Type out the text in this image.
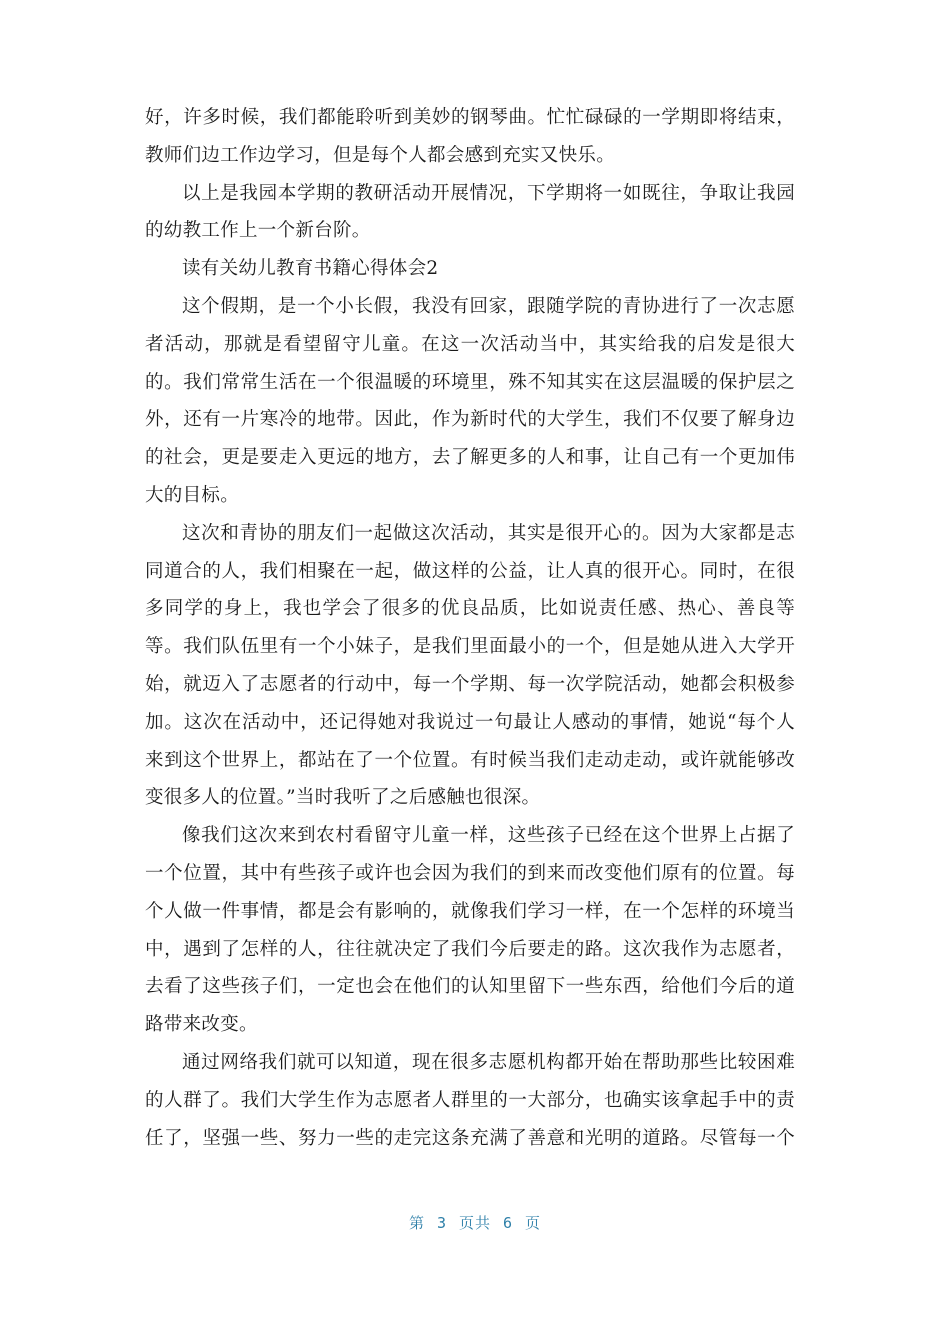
好，许多时候，我们都能聆听到美妙的钢琴曲。忙忙碌碌的一学期即将结束，
教师们边工作边学习，但是每个人都会感到充实又快乐。
以上是我园本学期的教研活动开展情况，下学期将一如既往，争取让我园
的幼教工作上一个新台阶。
读有关幼儿教育书籍心得体会2
这个假期，是一个小长假，我没有回家，跟随学院的青协进行了一次志愿
者活动，那就是看望留守儿童。在这一次活动当中，其实给我的启发是很大
的。我们常常生活在一个很温暖的环境里，殊不知其实在这层温暖的保护层之
外，还有一片寒冷的地带。因此，作为新时代的大学生，我们不仅要了解身边
的社会，更是要走入更远的地方，去了解更多的人和事，让自己有一个更加伟
大的目标。
这次和青协的朋友们一起做这次活动，其实是很开心的。因为大家都是志
同道合的人，我们相聚在一起，做这样的公益，让人真的很开心。同时，在很
多同学的身上，我也学会了很多的优良品质，比如说责任感、热心、善良等
等。我们队伍里有一个小妹子，是我们里面最小的一个，但是她从进入大学开
始，就迈入了志愿者的行动中，每一个学期、每一次学院活动，她都会积极参
加。这次在活动中，还记得她对我说过一句最让人感动的事情，她说“每个人
来到这个世界上，都站在了一个位置。有时候当我们走动走动，或许就能够改
变很多人的位置。”当时我听了之后感触也很深。
像我们这次来到农村看留守儿童一样，这些孩子已经在这个世界上占据了
一个位置，其中有些孩子或许也会因为我们的到来而改变他们原有的位置。每
个人做一件事情，都是会有影响的，就像我们学习一样，在一个怎样的环境当
中，遇到了怎样的人，往往就决定了我们今后要走的路。这次我作为志愿者，
去看了这些孩子们，一定也会在他们的认知里留下一些东西，给他们今后的道
路带来改变。
通过网络我们就可以知道，现在很多志愿机构都开始在帮助那些比较困难
的人群了。我们大学生作为志愿者人群里的一大部分，也确实该拿起手中的责
任了，坚强一些、努力一些的走完这条充满了善意和光明的道路。尽管每一个
第 3 页共 6 页
